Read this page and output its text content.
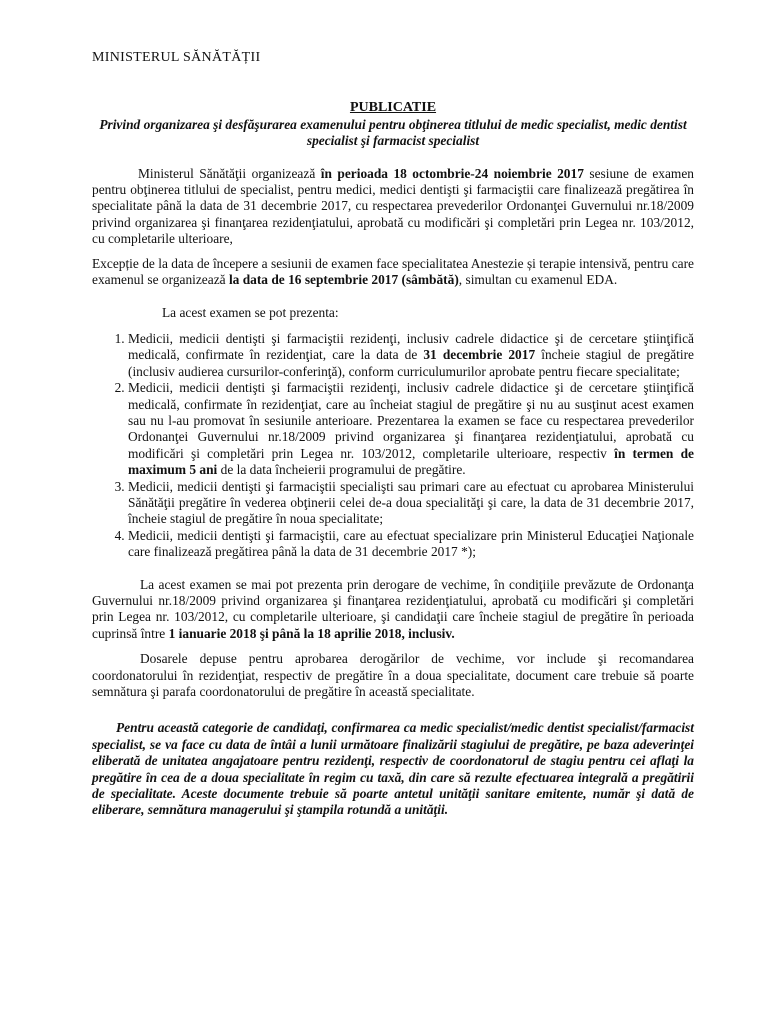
MINISTERUL SĂNĂTĂȚII
PUBLICATIE
Privind organizarea şi desfăşurarea examenului pentru obţinerea titlului de medic specialist, medic dentist specialist şi farmacist specialist

Ministerul Sănătăţii organizează în perioada 18 octombrie-24 noiembrie 2017 sesiune de examen pentru obţinerea titlului de specialist, pentru medici, medici dentişti şi farmaciştii care finalizează pregătirea în specialitate până la data de 31 decembrie 2017, cu respectarea prevederilor Ordonanţei Guvernului nr.18/2009 privind organizarea şi finanţarea rezidenţiatului, aprobată cu modificări şi completări prin Legea nr. 103/2012, cu completarile ulterioare,

Excepție de la data de începere a sesiunii de examen face specialitatea Anestezie și terapie intensivă, pentru care examenul se organizează la data de 16 septembrie 2017 (sâmbătă), simultan cu examenul EDA.

La acest examen se pot prezenta:

1. Medicii, medicii dentişti şi farmaciştii rezidenţi, inclusiv cadrele didactice şi de cercetare ştiinţifică medicală, confirmate în rezidenţiat, care la data de 31 decembrie 2017 încheie stagiul de pregătire (inclusiv audierea cursurilor-conferinţă), conform curriculumurilor aprobate pentru fiecare specialitate;
2. Medicii, medicii dentişti şi farmaciştii rezidenţi, inclusiv cadrele didactice şi de cercetare ştiinţifică medicală, confirmate în rezidenţiat, care au încheiat stagiul de pregătire şi nu au susţinut acest examen sau nu l-au promovat în sesiunile anterioare. Prezentarea la examen se face cu respectarea prevederilor Ordonanţei Guvernului nr.18/2009 privind organizarea şi finanţarea rezidenţiatului, aprobată cu modificări şi completări prin Legea nr. 103/2012, completarile ulterioare, respectiv în termen de maximum 5 ani de la data încheierii programului de pregătire.
3. Medicii, medicii dentişti şi farmaciştii specialişti sau primari care au efectuat cu aprobarea Ministerului Sănătăţii pregătire în vederea obţinerii celei de-a doua specialităţi şi care, la data de 31 decembrie 2017, încheie stagiul de pregătire în noua specialitate;
4. Medicii, medicii dentişti şi farmaciştii, care au efectuat specializare prin Ministerul Educaţiei Naţionale care finalizează pregătirea până la data de 31 decembrie 2017 *);

La acest examen se mai pot prezenta prin derogare de vechime, în condiţiile prevăzute de Ordonanţa Guvernului nr.18/2009 privind organizarea şi finanţarea rezidenţiatului, aprobată cu modificări şi completări prin Legea nr. 103/2012, cu completarile ulterioare, şi candidaţii care încheie stagiul de pregătire în perioada cuprinsă între 1 ianuarie 2018 şi până la 18 aprilie 2018, inclusiv.

Dosarele depuse pentru aprobarea derogărilor de vechime, vor include şi recomandarea coordonatorului în rezidenţiat, respectiv de pregătire în a doua specialitate, document care trebuie să poarte semnătura şi parafa coordonatorului de pregătire în această specialitate.

Pentru această categorie de candidaţi, confirmarea ca medic specialist/medic dentist specialist/farmacist specialist, se va face cu data de întâi a lunii următoare finalizării stagiului de pregătire, pe baza adeverinţei eliberată de unitatea angajatoare pentru rezidenţi, respectiv de coordonatorul de stagiu pentru cei aflaţi la pregătire în cea de a doua specialitate în regim cu taxă, din care să rezulte efectuarea integrală a pregătirii de specialitate. Aceste documente trebuie să poarte antetul unităţii sanitare emitente, număr şi dată de eliberare, semnătura managerului şi ştampila rotundă a unităţii.
